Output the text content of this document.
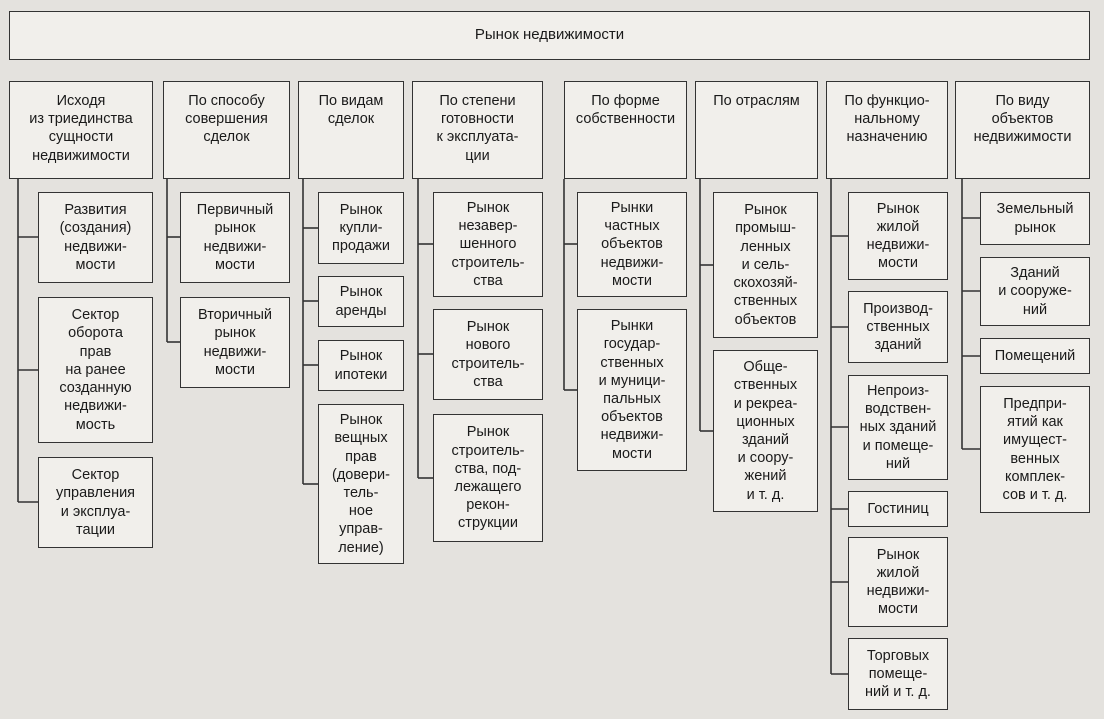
Рынок недвижимости
Исходя
из триединства
сущности
недвижимости
Развития
(создания)
недвижи-
мости
Сектор
оборота
прав
на ранее
созданную
недвижи-
мость
Сектор
управления
и эксплуа-
тации
По способу
совершения
сделок
Первичный
рынок
недвижи-
мости
Вторичный
рынок
недвижи-
мости
По видам
сделок
Рынок
купли-
продажи
Рынок
аренды
Рынок
ипотеки
Рынок
вещных
прав
(довери-
тель-
ное
управ-
ление)
По степени
готовности
к эксплуата-
ции
Рынок
незавер-
шенного
строитель-
ства
Рынок
нового
строитель-
ства
Рынок
строитель-
ства, под-
лежащего
рекон-
струкции
По форме
собственности
Рынки
частных
объектов
недвижи-
мости
Рынки
государ-
ственных
и муници-
пальных
объектов
недвижи-
мости
По отраслям
Рынок
промыш-
ленных
и сель-
скохозяй-
ственных
объектов
Обще-
ственных
и рекреа-
ционных
зданий
и соору-
жений
и т. д.
По функцио-
нальному
назначению
Рынок
жилой
недвижи-
мости
Производ-
ственных
зданий
Непроиз-
водствен-
ных зданий
и помеще-
ний
Гостиниц
Рынок
жилой
недвижи-
мости
Торговых
помеще-
ний и т. д.
По виду
объектов
недвижимости
Земельный
рынок
Зданий
и сооруже-
ний
Помещений
Предпри-
ятий как
имущест-
венных
комплек-
сов и т. д.
